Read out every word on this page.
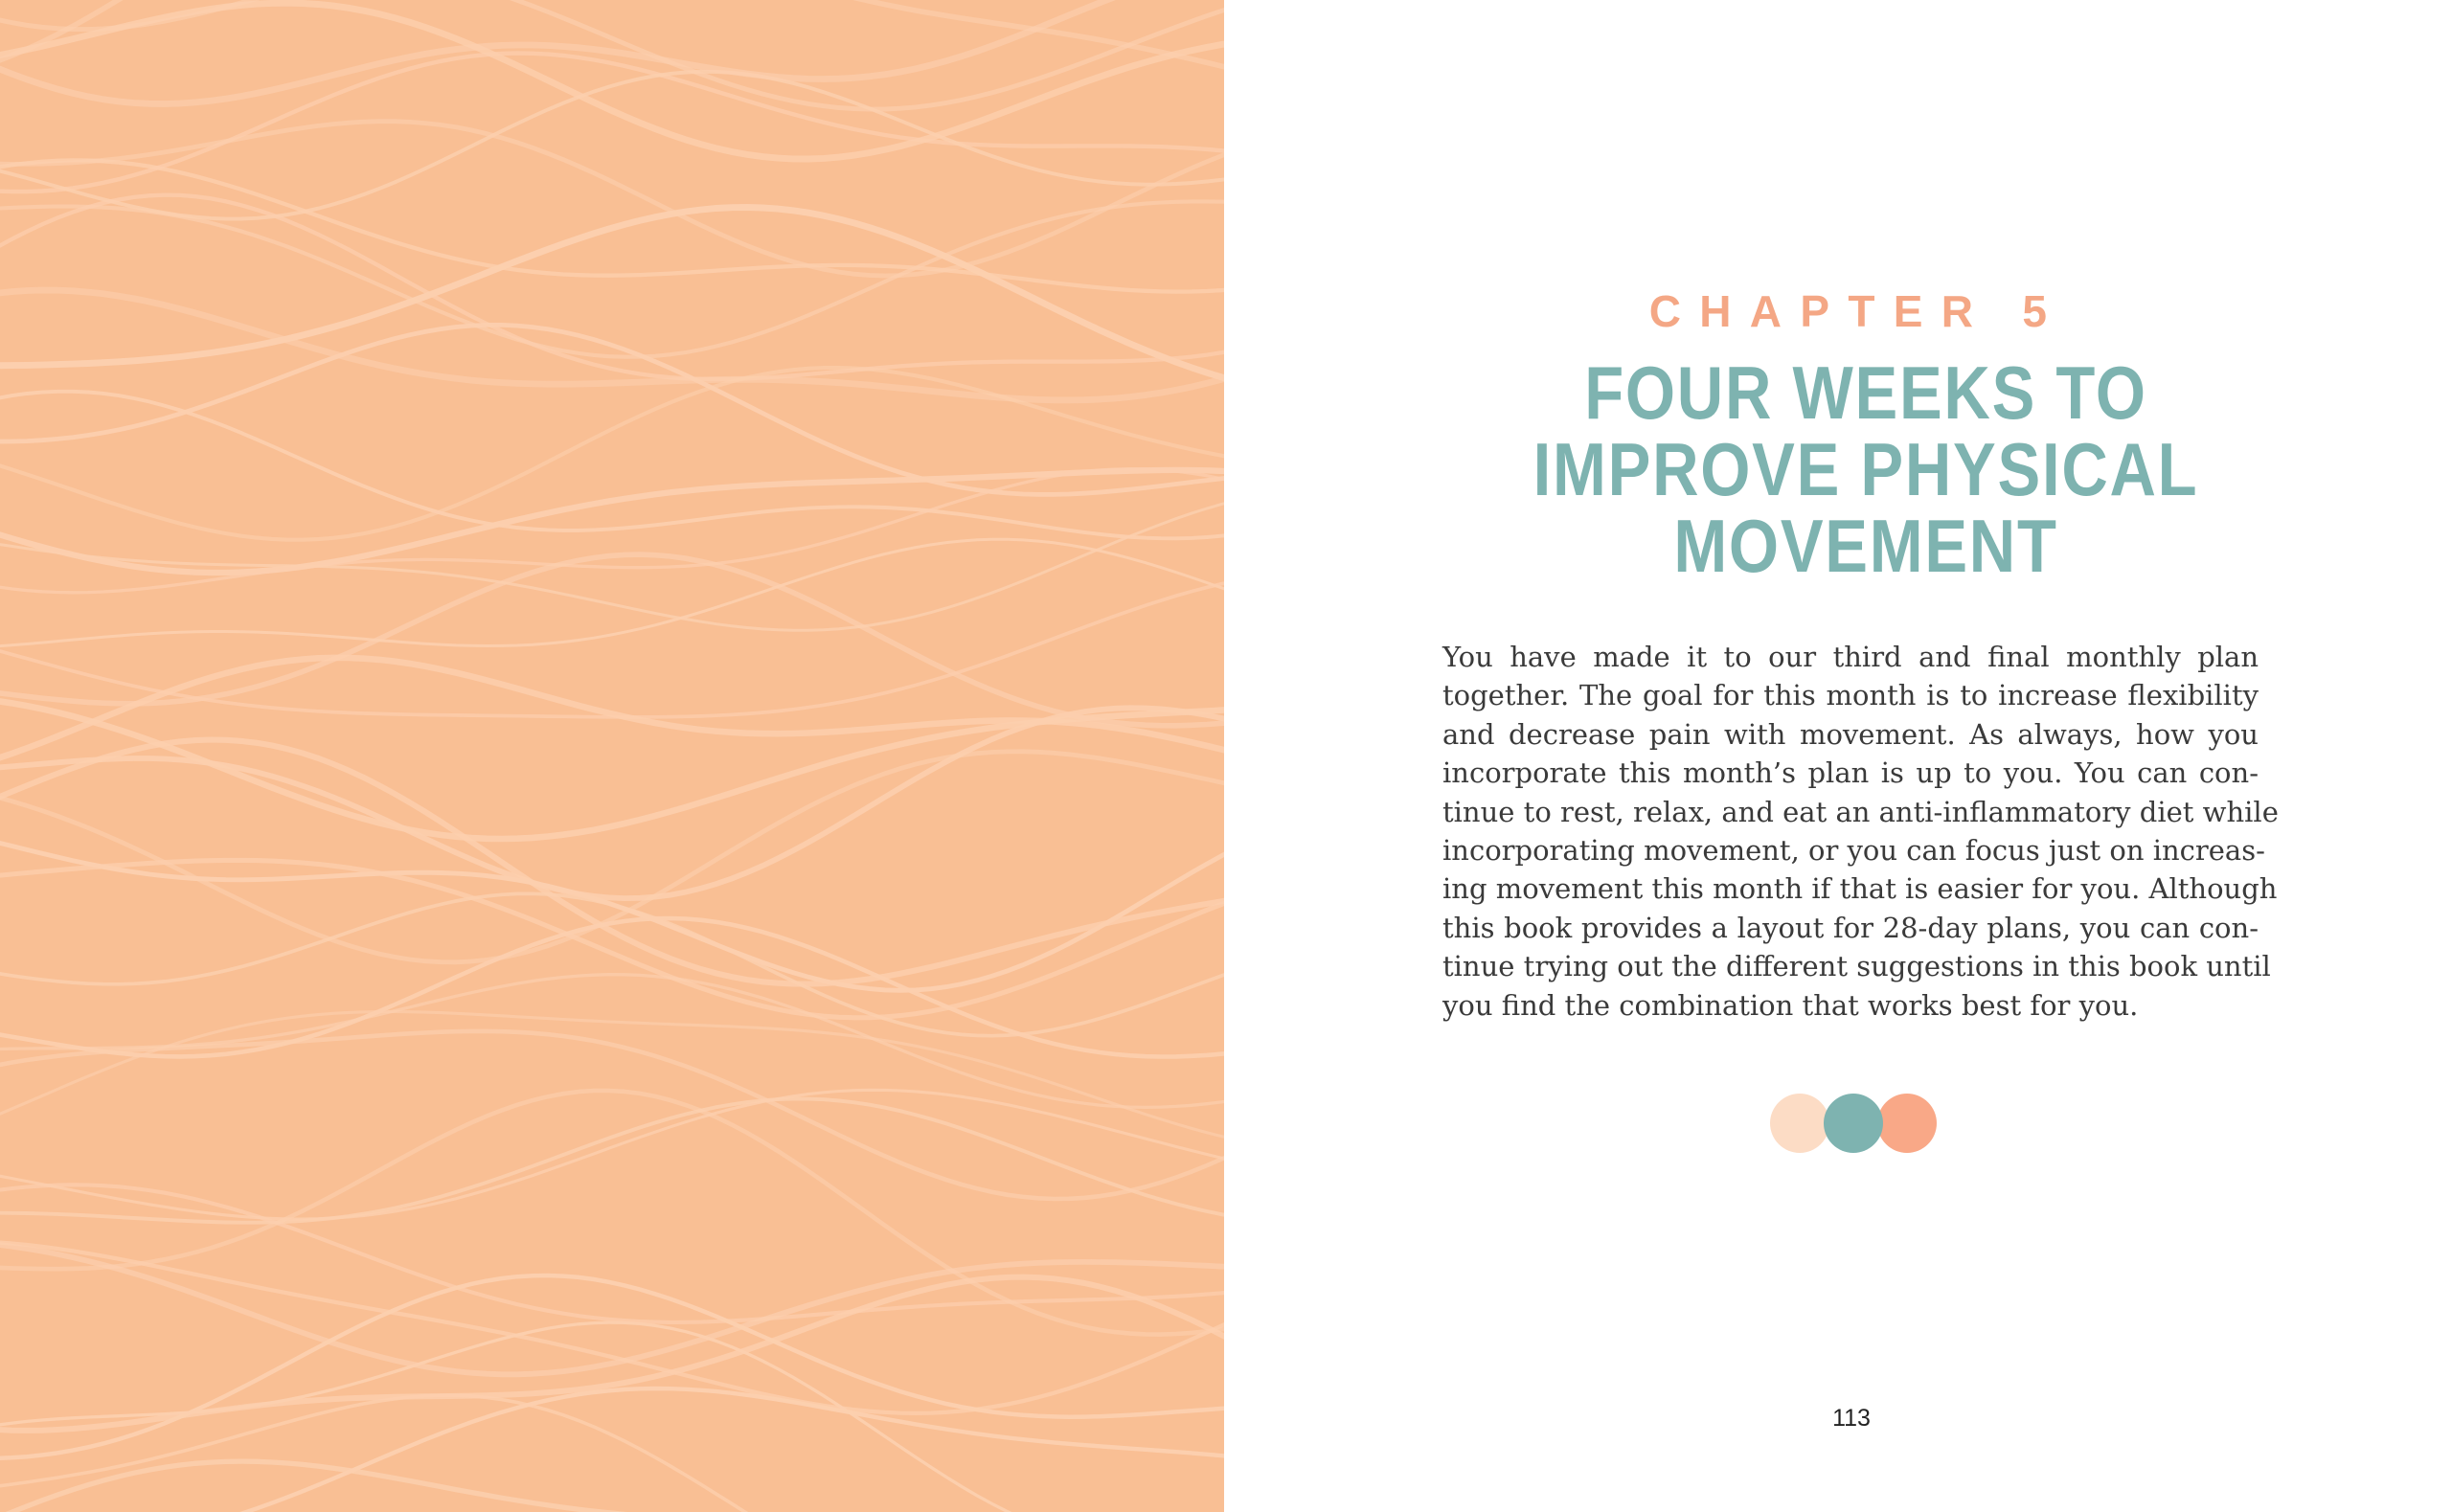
CHAPTER 5
FOUR WEEKS TO
IMPROVE PHYSICAL
MOVEMENT
You have made it to our third and final monthly plan
together. The goal for this month is to increase flexibility
and decrease pain with movement. As always, how you
incorporate this month’s plan is up to you. You can con-
tinue to rest, relax, and eat an anti-inflammatory diet while
incorporating movement, or you can focus just on increas-
ing movement this month if that is easier for you. Although
this book provides a layout for 28-day plans, you can con-
tinue trying out the different suggestions in this book until
you find the combination that works best for you.
113
